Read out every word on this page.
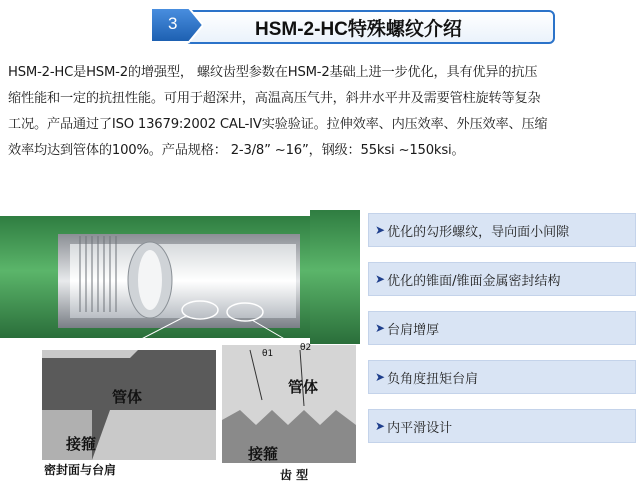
3	HSM-2-HC特殊螺纹介绍
HSM-2-HC是HSM-2的增强型， 螺纹齿型参数在HSM-2基础上进一步优化，具有优异的抗压
缩性能和一定的抗扭性能。可用于超深井，高温高压气井，斜井水平井及需要管柱旋转等复杂
工况。产品通过了ISO 13679:2002 CAL-IV实验验证。拉伸效率、内压效率、外压效率、压缩
效率均达到管体的100%。产品规格： 2-3/8” ~16”，钢级：55ksi ~150ksi。
θ1
θ2
管体
接箍
密封面与台肩
管体
接箍
齿 型
➤ 优化的勾形螺纹，导向面小间隙
➤ 优化的锥面/锥面金属密封结构
➤ 台肩增厚
➤ 负角度扭矩台肩
➤ 内平滑设计
